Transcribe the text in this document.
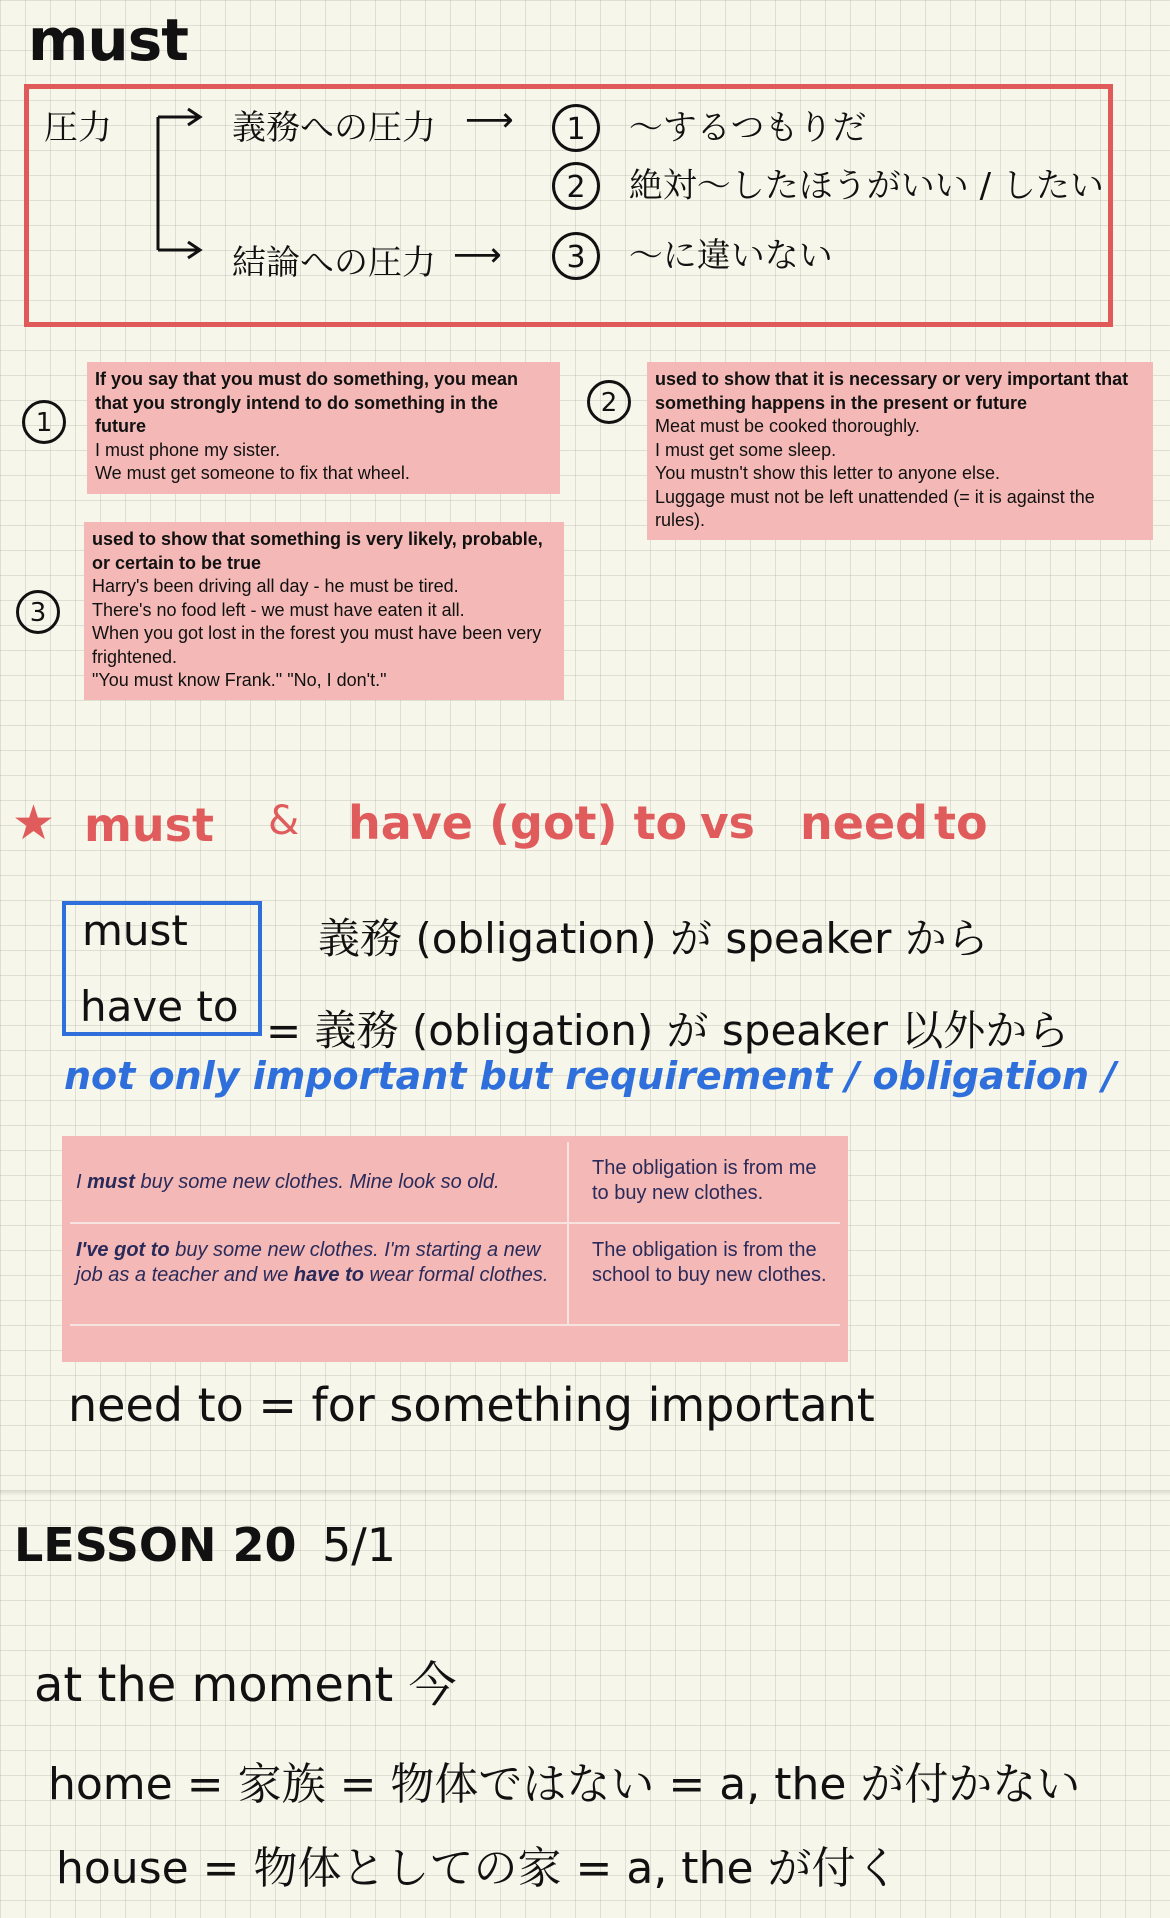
must
圧力	義務への圧力
結論への圧力
⟶
⟶
1 〜するつもりだ
2 絶対〜したほうがいい / したい
3 〜に違いない
1
If you say that you must do something, you mean that you strongly intend to do something in the future
I must phone my sister.
We must get someone to fix that wheel.
2
used to show that it is necessary or very important that something happens in the present or future
Meat must be cooked thoroughly.
I must get some sleep.
You mustn't show this letter to anyone else.
Luggage must not be left unattended (= it is against the rules).
3
used to show that something is very likely, probable, or certain to be true
Harry's been driving all day - he must be tired.
There's no food left - we must have eaten it all.
When you got lost in the forest you must have been very frightened.
"You must know Frank." "No, I don't."
★ must & have (got) to vs need to
must
have to
義務 (obligation) が speaker から
= 義務 (obligation) が speaker 以外から
not only important but requirement / obligation /
I must buy some new clothes. Mine look so old.
The obligation is from me to buy new clothes.
I've got to buy some new clothes. I'm starting a new job as a teacher and we have to wear formal clothes.
The obligation is from the school to buy new clothes.
need to = for something important
LESSON 20 5/1
at the moment 今
home = 家族 = 物体ではない = a, the が付かない
house = 物体としての家 = a, the が付く
